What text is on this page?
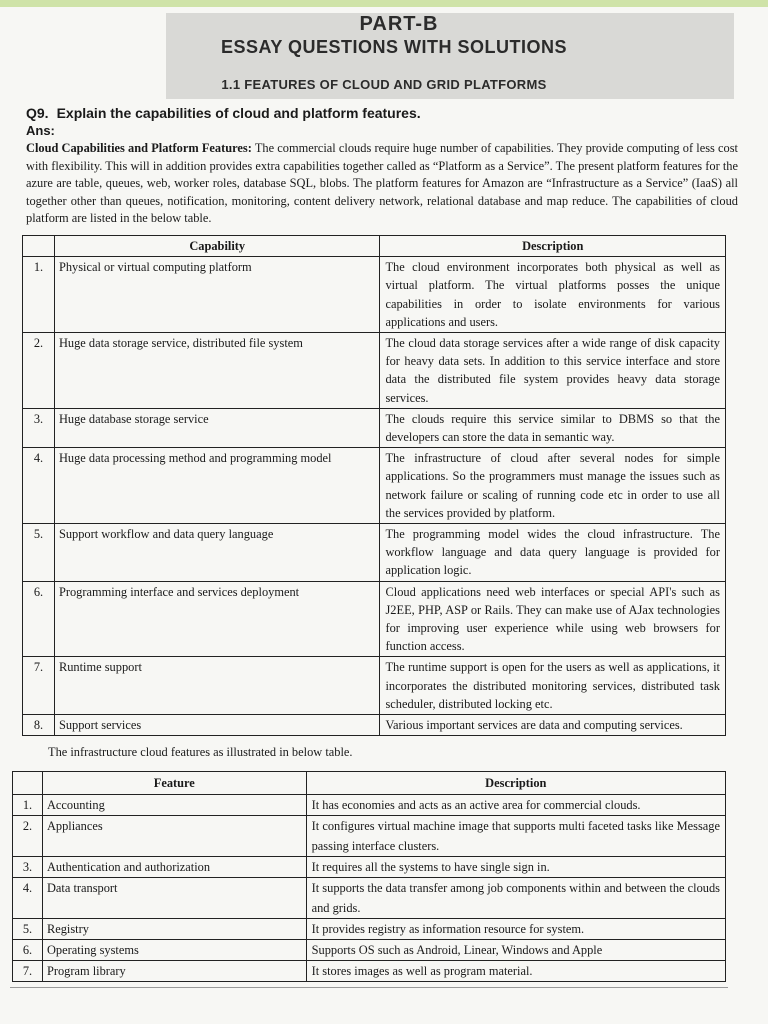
PART-B
ESSAY QUESTIONS WITH SOLUTIONS
1.1 FEATURES OF CLOUD AND GRID PLATFORMS
Q9. Explain the capabilities of cloud and platform features.
Ans:

Cloud Capabilities and Platform Features: The commercial clouds require huge number of capabilities. They provide computing of less cost with flexibility. This will in addition provides extra capabilities together called as “Platform as a Service”. The present platform features for the azure are table, queues, web, worker roles, database SQL, blobs. The platform features for Amazon are “Infrastructure as a Service” (IaaS) all together other than queues, notification, monitoring, content delivery network, relational database and map reduce. The capabilities of cloud platform are listed in the below table.

	Capability	Description
1.	Physical or virtual computing platform	The cloud environment incorporates both physical as well as virtual platform. The virtual platforms posses the unique capabilities in order to isolate environments for various applications and users.
2.	Huge data storage service, distributed file system	The cloud data storage services after a wide range of disk capacity for heavy data sets. In addition to this service interface and store data the distributed file system provides heavy data storage services.
3.	Huge database storage service	The clouds require this service similar to DBMS so that the developers can store the data in semantic way.
4.	Huge data processing method and programming model	The infrastructure of cloud after several nodes for simple applications. So the programmers must manage the issues such as network failure or scaling of running code etc in order to use all the services provided by platform.
5.	Support workflow and data query language	The programming model wides the cloud infrastructure. The workflow language and data query language is provided for application logic.
6.	Programming interface and services deployment	Cloud applications need web interfaces or special API's such as J2EE, PHP, ASP or Rails. They can make use of AJax technologies for improving user experience while using web browsers for function access.
7.	Runtime support	The runtime support is open for the users as well as applications, it incorporates the distributed monitoring services, distributed task scheduler, distributed locking etc.
8.	Support services	Various important services are data and computing services.

The infrastructure cloud features as illustrated in below table.

	Feature	Description
1.	Accounting	It has economies and acts as an active area for commercial clouds.
2.	Appliances	It configures virtual machine image that supports multi faceted tasks like Message passing interface clusters.
3.	Authentication and authorization	It requires all the systems to have single sign in.
4.	Data transport	It supports the data transfer among job components within and between the clouds and grids.
5.	Registry	It provides registry as information resource for system.
6.	Operating systems	Supports OS such as Android, Linear, Windows and Apple
7.	Program library	It stores images as well as program material.
